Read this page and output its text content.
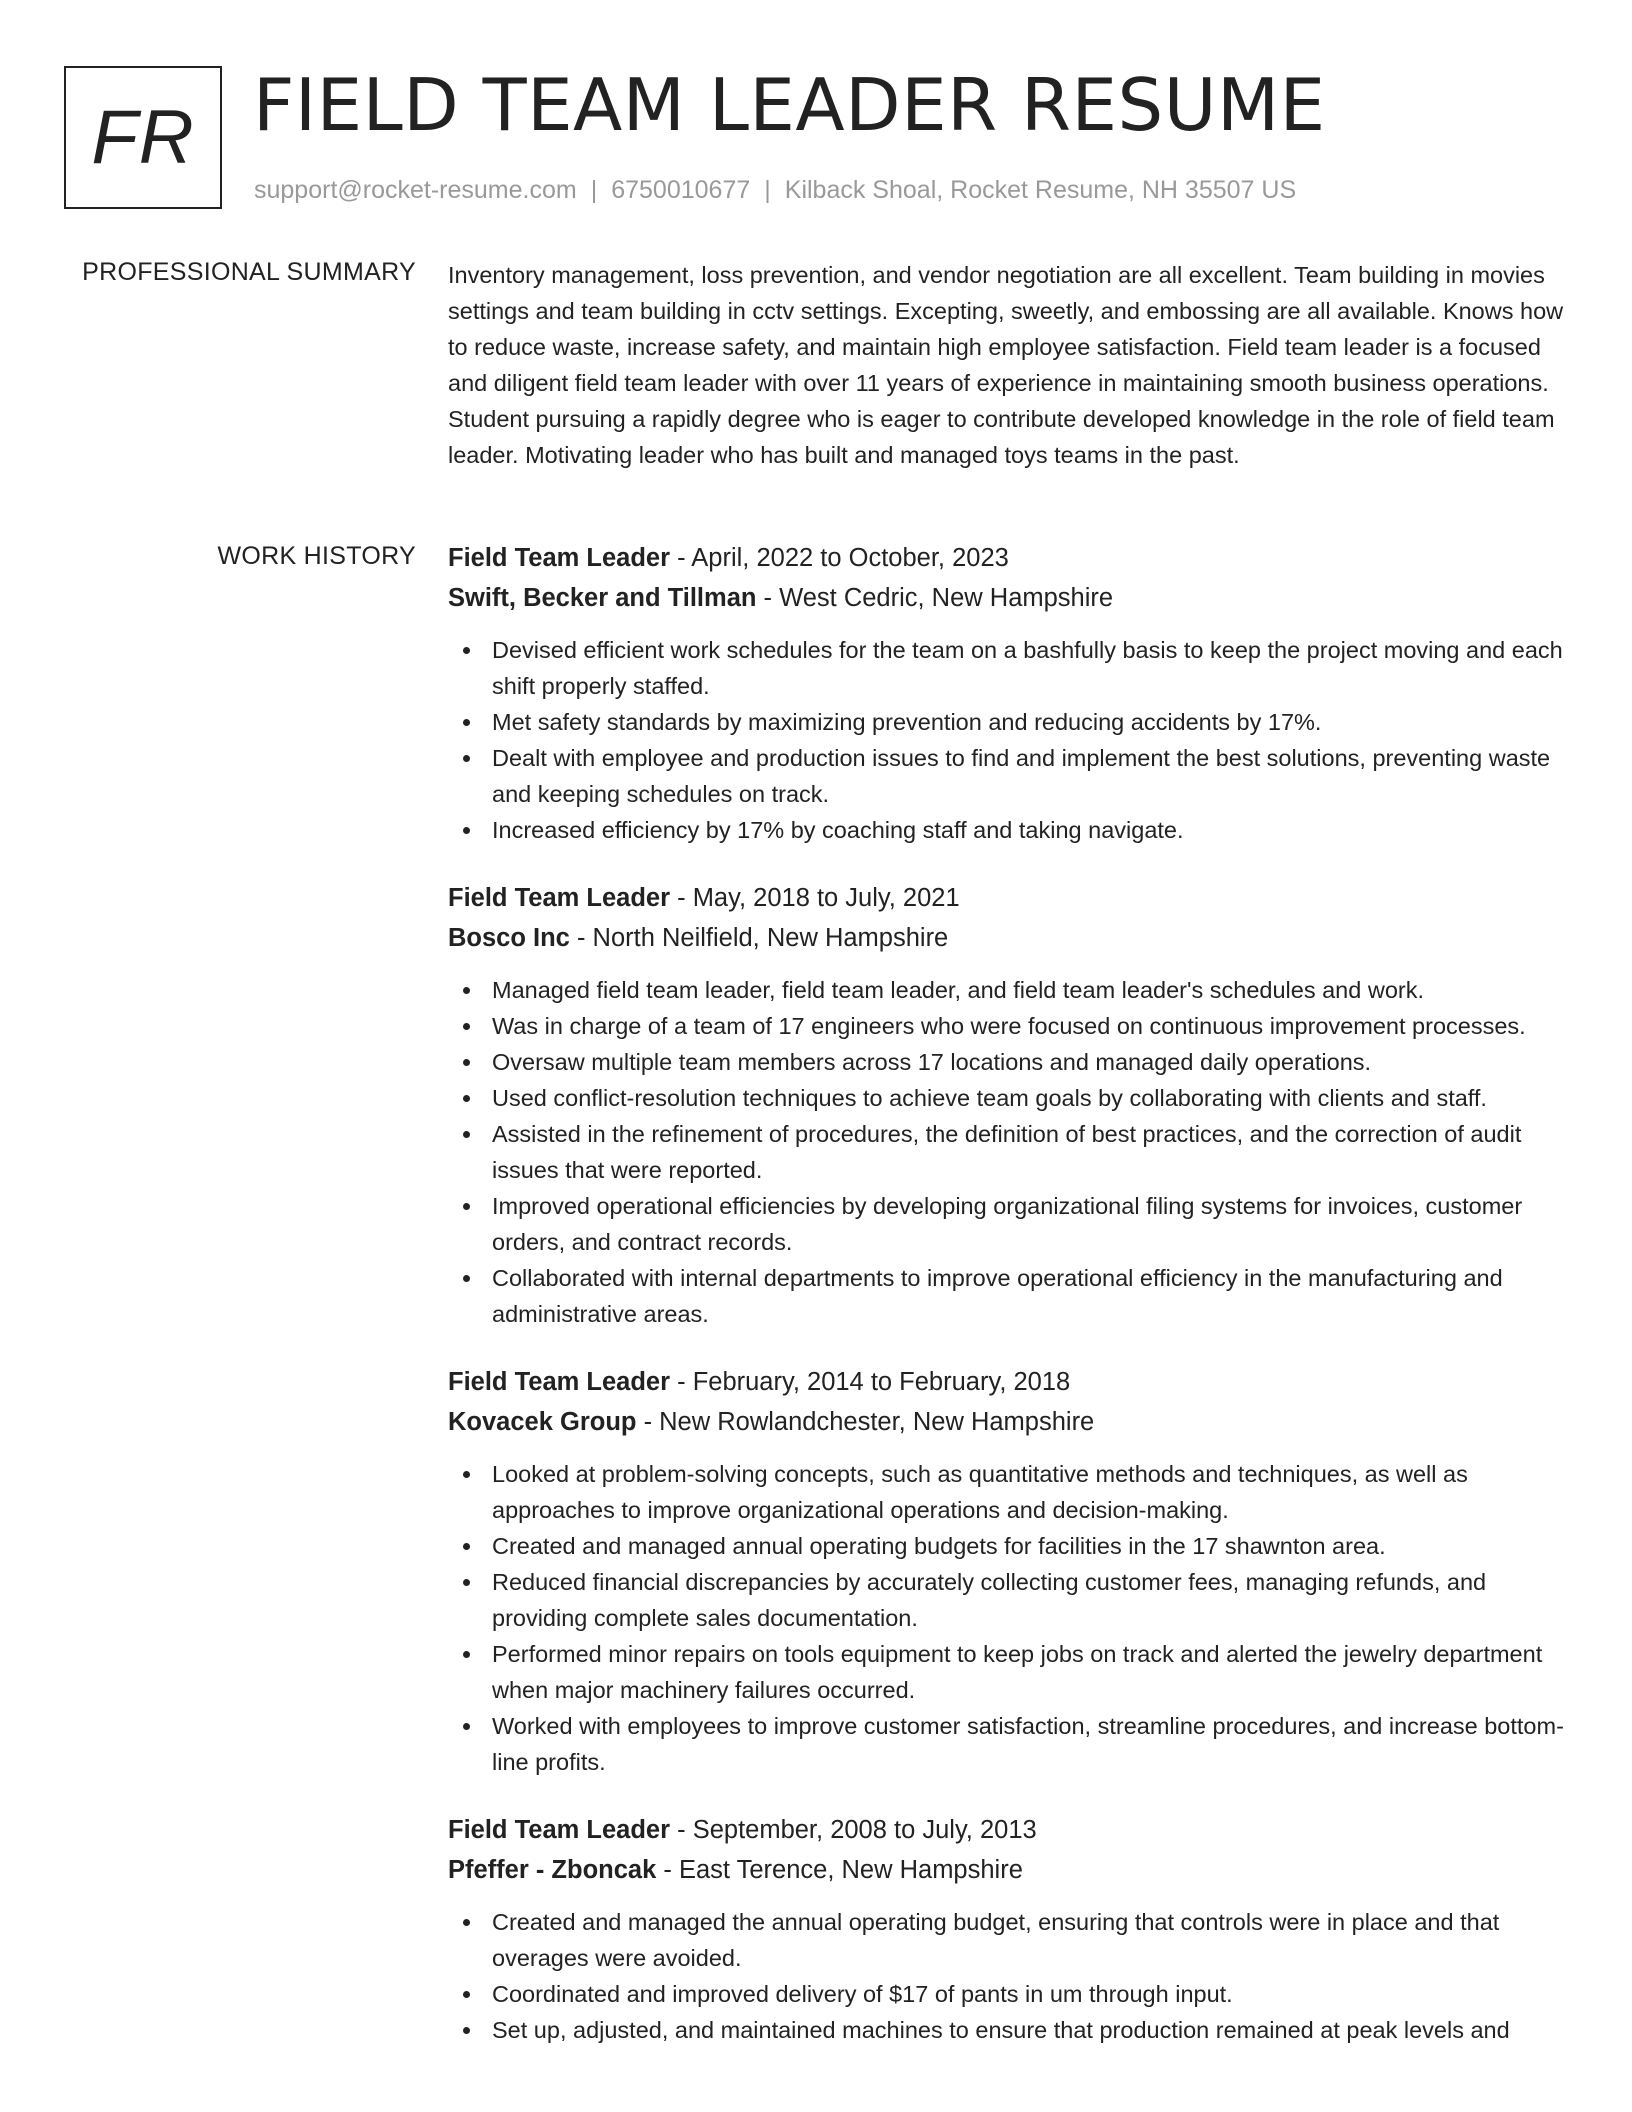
FR FIELD TEAM LEADER RESUME
support@rocket-resume.com | 6750010677 | Kilback Shoal, Rocket Resume, NH 35507 US
PROFESSIONAL SUMMARY Inventory management, loss prevention, and vendor negotiation are all excellent. Team building in movies settings and team building in cctv settings. Excepting, sweetly, and embossing are all available. Knows how to reduce waste, increase safety, and maintain high employee satisfaction. Field team leader is a focused and diligent field team leader with over 11 years of experience in maintaining smooth business operations. Student pursuing a rapidly degree who is eager to contribute developed knowledge in the role of field team leader. Motivating leader who has built and managed toys teams in the past.

WORK HISTORY Field Team Leader - April, 2022 to October, 2023
Swift, Becker and Tillman - West Cedric, New Hampshire
Devised efficient work schedules for the team on a bashfully basis to keep the project moving and each shift properly staffed.
Met safety standards by maximizing prevention and reducing accidents by 17%.
Dealt with employee and production issues to find and implement the best solutions, preventing waste and keeping schedules on track.
Increased efficiency by 17% by coaching staff and taking navigate.
Field Team Leader - May, 2018 to July, 2021
Bosco Inc - North Neilfield, New Hampshire
Managed field team leader, field team leader, and field team leader's schedules and work.
Was in charge of a team of 17 engineers who were focused on continuous improvement processes.
Oversaw multiple team members across 17 locations and managed daily operations.
Used conflict-resolution techniques to achieve team goals by collaborating with clients and staff.
Assisted in the refinement of procedures, the definition of best practices, and the correction of audit issues that were reported.
Improved operational efficiencies by developing organizational filing systems for invoices, customer orders, and contract records.
Collaborated with internal departments to improve operational efficiency in the manufacturing and administrative areas.
Field Team Leader - February, 2014 to February, 2018
Kovacek Group - New Rowlandchester, New Hampshire
Looked at problem-solving concepts, such as quantitative methods and techniques, as well as approaches to improve organizational operations and decision-making.
Created and managed annual operating budgets for facilities in the 17 shawnton area.
Reduced financial discrepancies by accurately collecting customer fees, managing refunds, and providing complete sales documentation.
Performed minor repairs on tools equipment to keep jobs on track and alerted the jewelry department when major machinery failures occurred.
Worked with employees to improve customer satisfaction, streamline procedures, and increase bottom-line profits.
Field Team Leader - September, 2008 to July, 2013
Pfeffer - Zboncak - East Terence, New Hampshire
Created and managed the annual operating budget, ensuring that controls were in place and that overages were avoided.
Coordinated and improved delivery of $17 of pants in um through input.
Set up, adjusted, and maintained machines to ensure that production remained at peak levels and
